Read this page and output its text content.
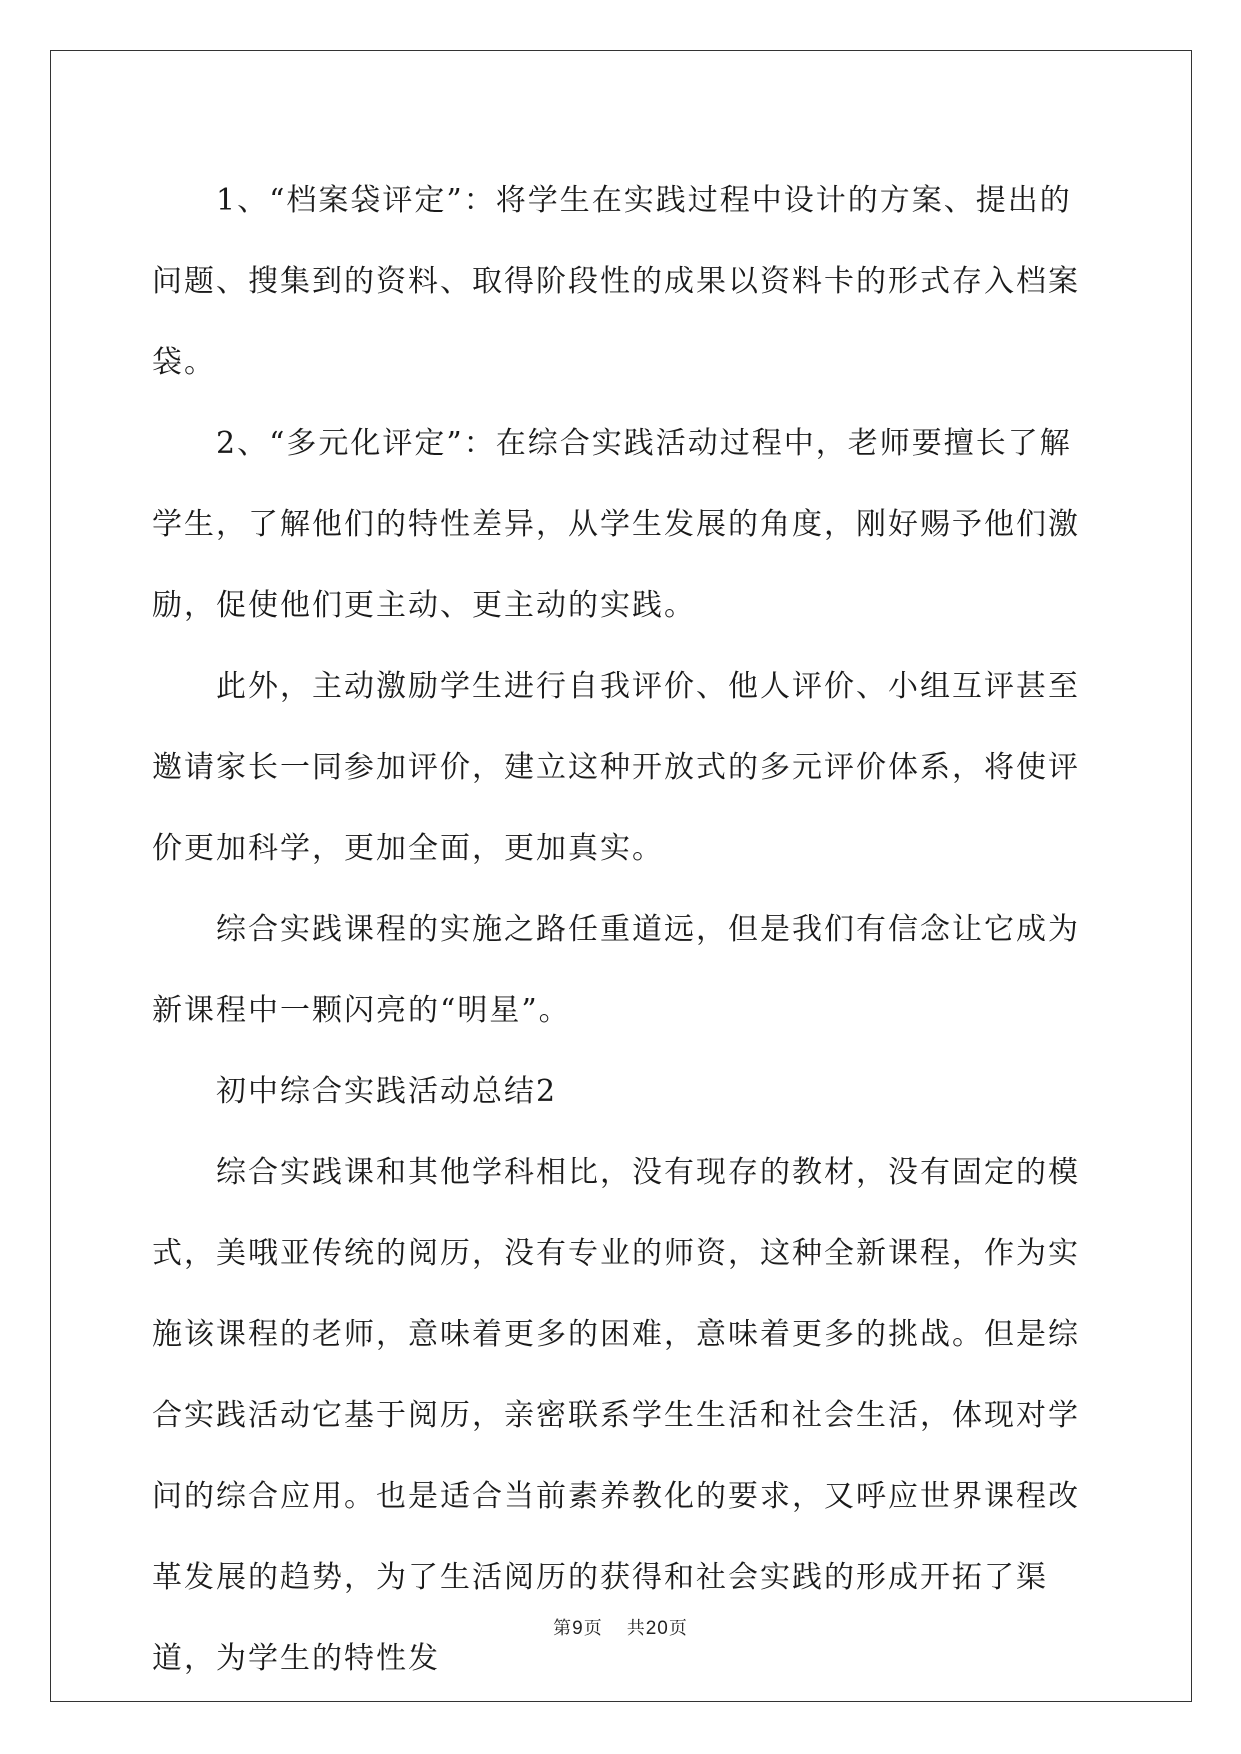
1、“档案袋评定”：将学生在实践过程中设计的方案、提出的问题、搜集到的资料、取得阶段性的成果以资料卡的形式存入档案袋。

2、“多元化评定”：在综合实践活动过程中，老师要擅长了解学生，了解他们的特性差异，从学生发展的角度，刚好赐予他们激励，促使他们更主动、更主动的实践。

此外，主动激励学生进行自我评价、他人评价、小组互评甚至邀请家长一同参加评价，建立这种开放式的多元评价体系，将使评价更加科学，更加全面，更加真实。

综合实践课程的实施之路任重道远，但是我们有信念让它成为新课程中一颗闪亮的“明星”。

初中综合实践活动总结2

综合实践课和其他学科相比，没有现存的教材，没有固定的模式，美哦亚传统的阅历，没有专业的师资，这种全新课程，作为实施该课程的老师，意味着更多的困难，意味着更多的挑战。但是综合实践活动它基于阅历，亲密联系学生生活和社会生活，体现对学问的综合应用。也是适合当前素养教化的要求，又呼应世界课程改革发展的趋势，为了生活阅历的获得和社会实践的形成开拓了渠道，为学生的特性发

第9页 共20页
